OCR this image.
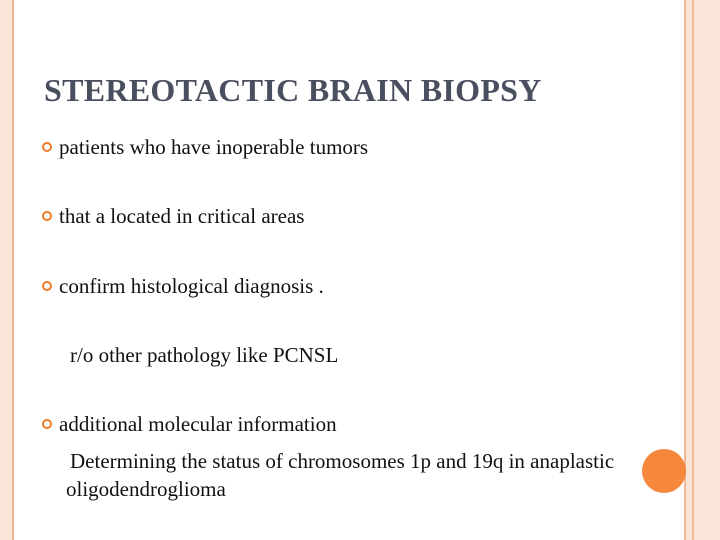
STEREOTACTIC BRAIN BIOPSY
patients who have inoperable tumors
that a located in critical areas
confirm histological diagnosis .
r/o other pathology like PCNSL
additional molecular information
Determining the status of chromosomes 1p and 19q in anaplastic oligodendroglioma
